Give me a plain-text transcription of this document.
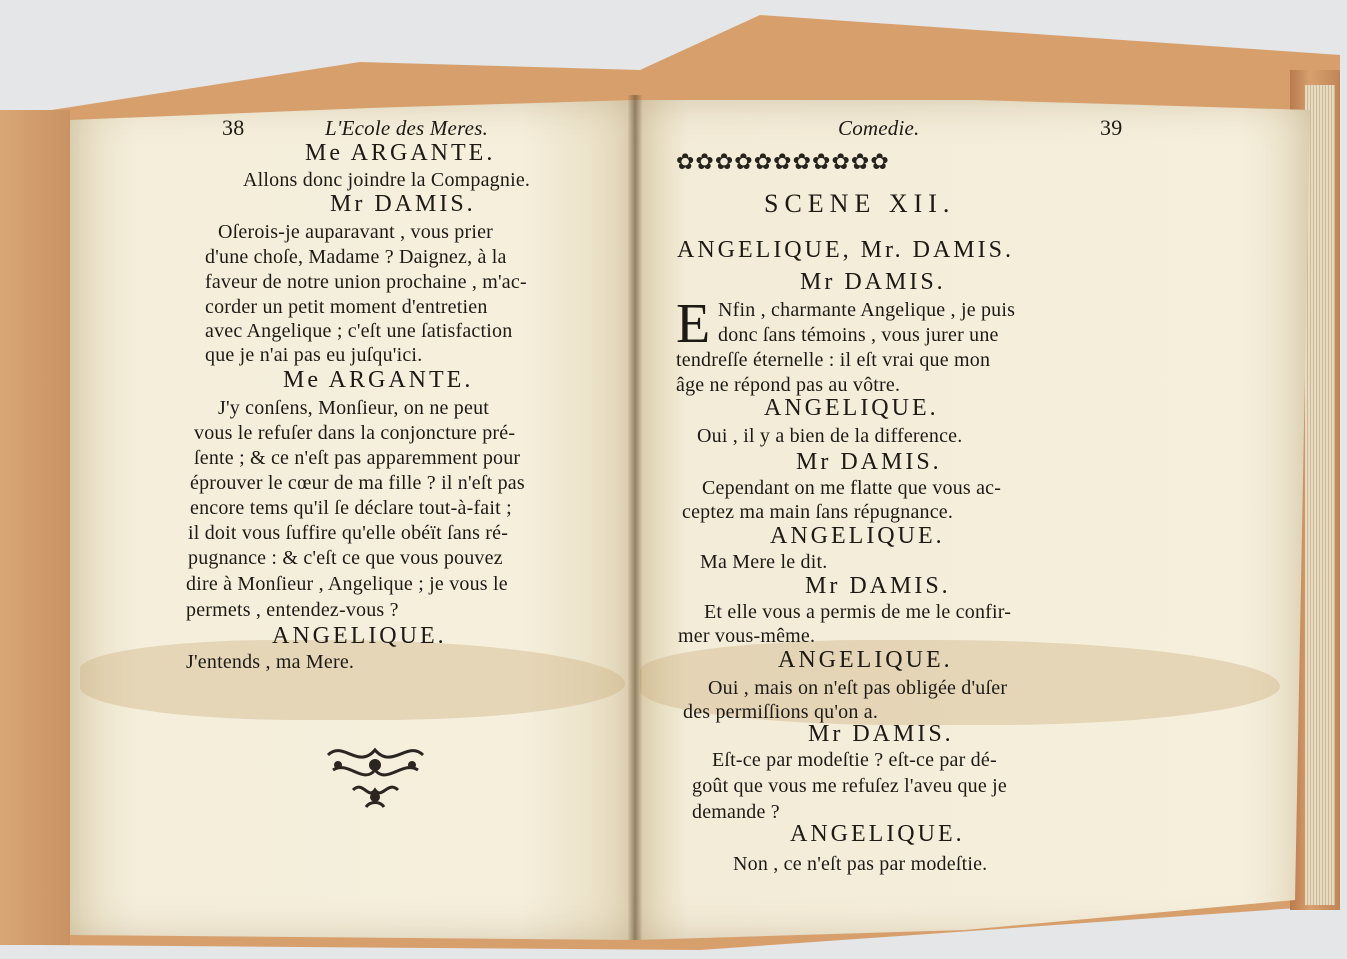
38	L'Ecole des Meres.
Me ARGANTE.
Allons donc joindre la Compagnie.
Mr DAMIS.
Oſerois-je auparavant , vous prier
d'une choſe, Madame ? Daignez, à la
faveur de notre union prochaine , m'ac-
corder un petit moment d'entretien
avec Angelique ; c'eſt une ſatisfaction
que je n'ai pas eu juſqu'ici.
Me ARGANTE.
J'y conſens, Monſieur, on ne peut
vous le refuſer dans la conjoncture pré-
ſente ; & ce n'eſt pas apparemment pour
éprouver le cœur de ma fille ? il n'eſt pas
encore tems qu'il ſe déclare tout-à-fait ;
il doit vous ſuffire qu'elle obéït ſans ré-
pugnance : & c'eſt ce que vous pouvez
dire à Monſieur , Angelique ; je vous le
permets , entendez-vous ?
ANGELIQUE.
J'entends , ma Mere.
Comedie.	39
✿✿✿✿✿✿✿✿✿✿✿
SCENE XII.
ANGELIQUE, Mr. DAMIS.
Mr DAMIS.
E Nfin , charmante Angelique , je puis
donc ſans témoins , vous jurer une
tendreſſe éternelle : il eſt vrai que mon
âge ne répond pas au vôtre.
ANGELIQUE.
Oui , il y a bien de la difference.
Mr DAMIS.
Cependant on me flatte que vous ac-
ceptez ma main ſans répugnance.
ANGELIQUE.
Ma Mere le dit.
Mr DAMIS.
Et elle vous a permis de me le confir-
mer vous-même.
ANGELIQUE.
Oui , mais on n'eſt pas obligée d'uſer
des permiſſions qu'on a.
Mr DAMIS.
Eſt-ce par modeſtie ? eſt-ce par dé-
goût que vous me refuſez l'aveu que je
demande ?
ANGELIQUE.
Non , ce n'eſt pas par modeſtie.
